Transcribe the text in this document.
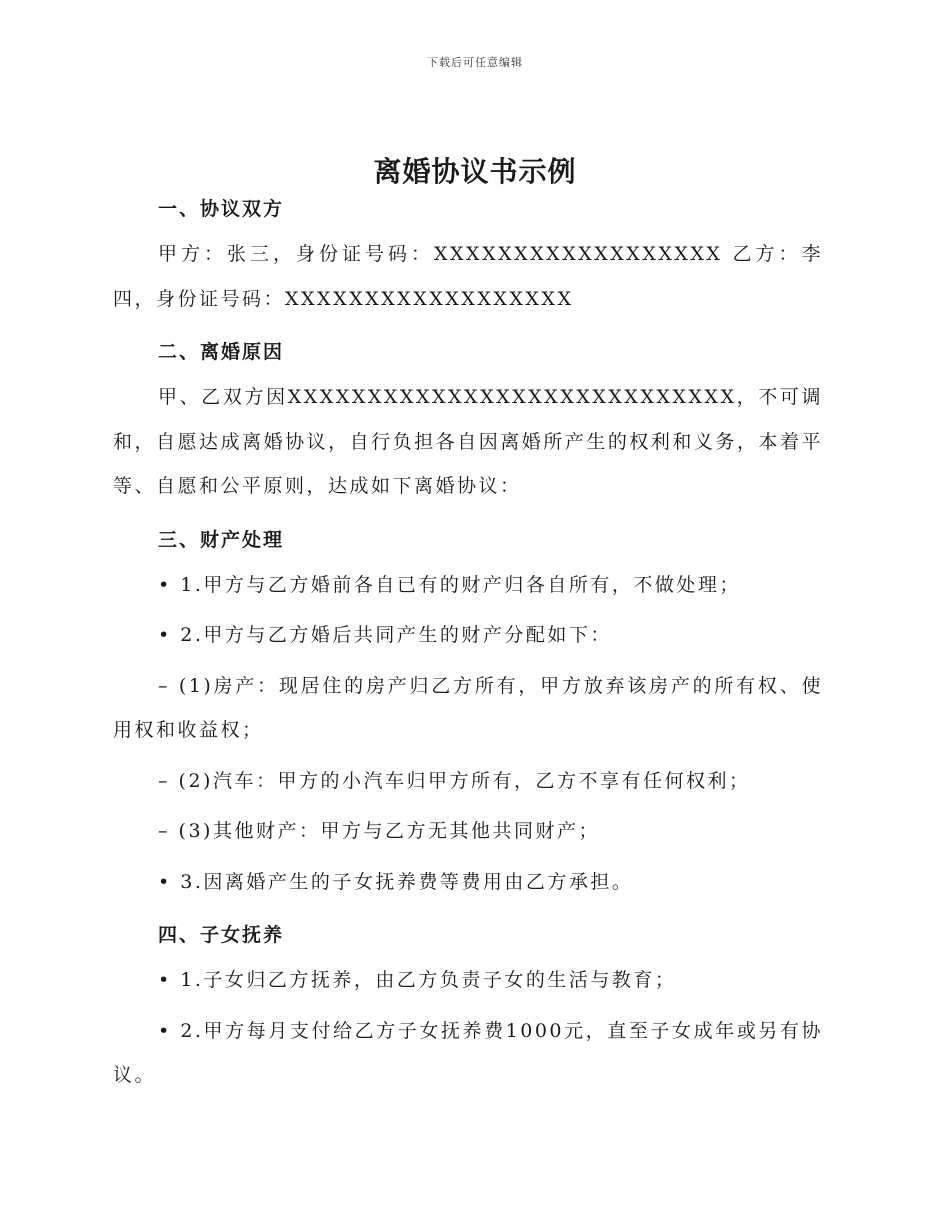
下载后可任意编辑
离婚协议书示例
一、协议双方

甲方：张三，身份证号码：XXXXXXXXXXXXXXXXXX 乙方：李四，身份证号码：XXXXXXXXXXXXXXXXXX

二、离婚原因

甲、乙双方因XXXXXXXXXXXXXXXXXXXXXXXXXXXX，不可调和，自愿达成离婚协议，自行负担各自因离婚所产生的权利和义务，本着平等、自愿和公平原则，达成如下离婚协议：

三、财产处理

• 1.甲方与乙方婚前各自已有的财产归各自所有，不做处理；

• 2.甲方与乙方婚后共同产生的财产分配如下：

– (1)房产：现居住的房产归乙方所有，甲方放弃该房产的所有权、使用权和收益权；

– (2)汽车：甲方的小汽车归甲方所有，乙方不享有任何权利；

– (3)其他财产：甲方与乙方无其他共同财产；

• 3.因离婚产生的子女抚养费等费用由乙方承担。

四、子女抚养

• 1.子女归乙方抚养，由乙方负责子女的生活与教育；

• 2.甲方每月支付给乙方子女抚养费1000元，直至子女成年或另有协议。
